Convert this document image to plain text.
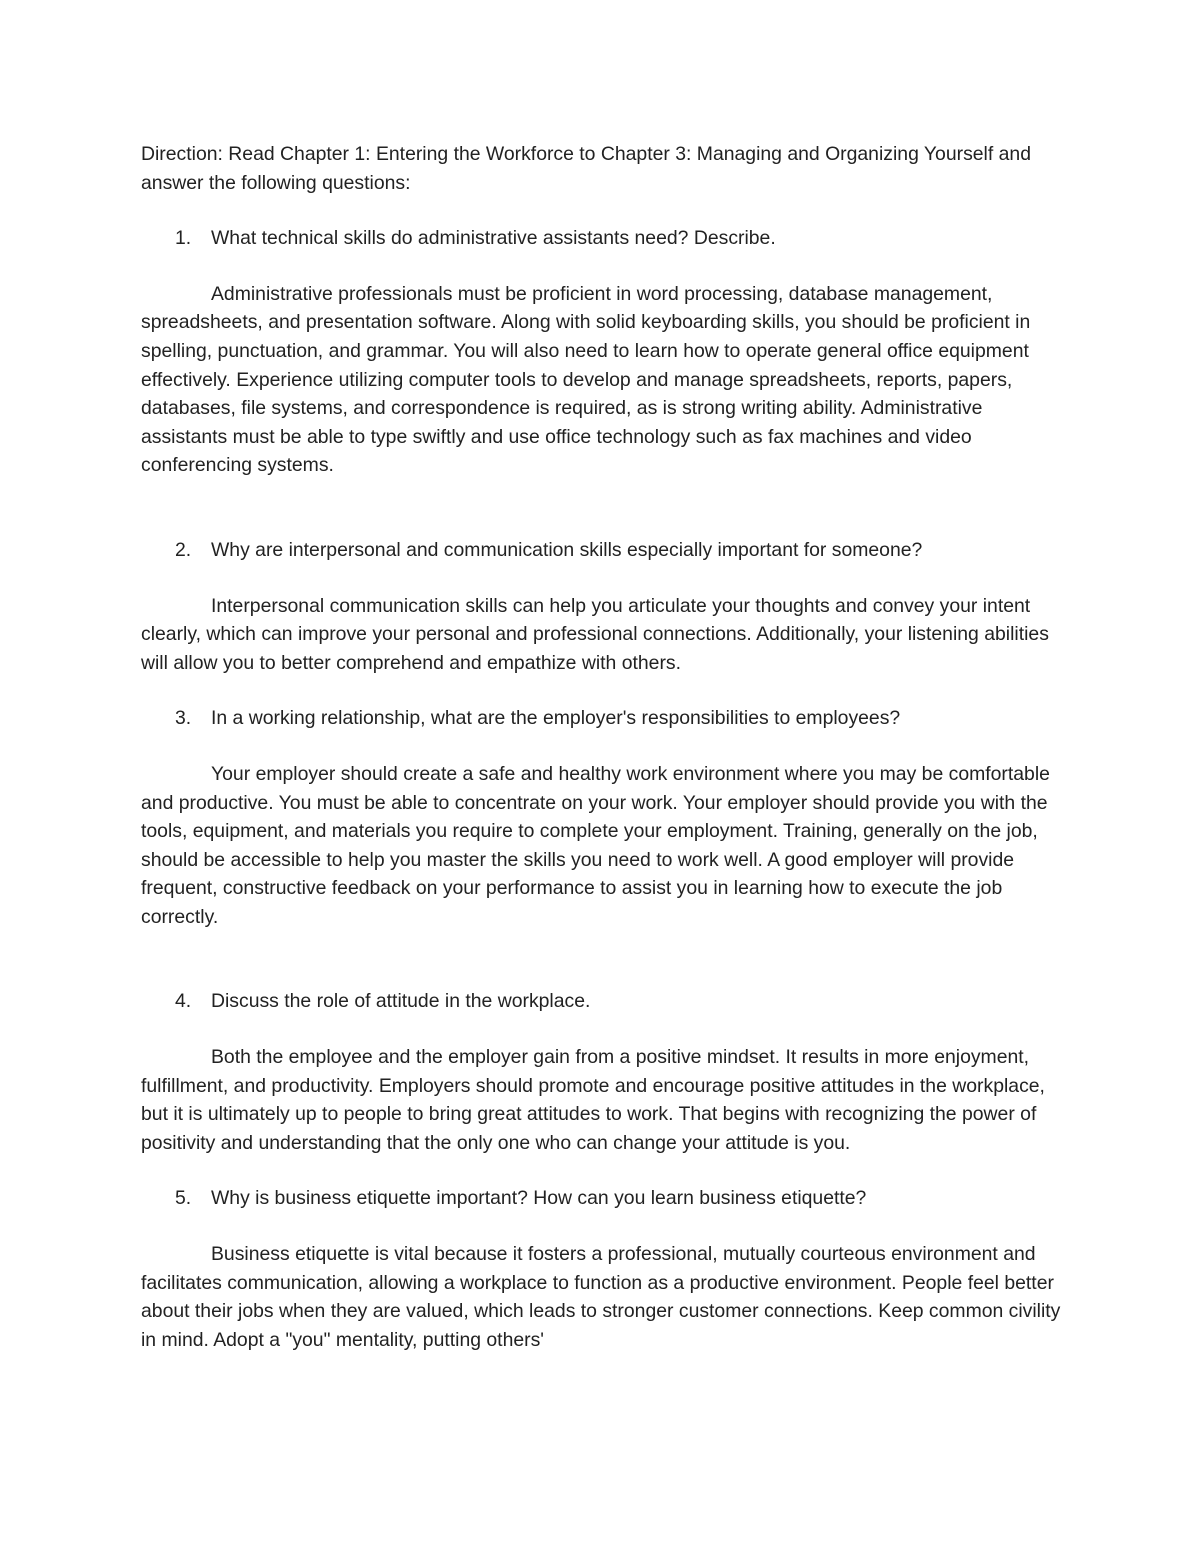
Direction: Read Chapter 1: Entering the Workforce to Chapter 3: Managing and Organizing Yourself and answer the following questions:

1. What technical skills do administrative assistants need? Describe.

Administrative professionals must be proficient in word processing, database management, spreadsheets, and presentation software. Along with solid keyboarding skills, you should be proficient in spelling, punctuation, and grammar. You will also need to learn how to operate general office equipment effectively. Experience utilizing computer tools to develop and manage spreadsheets, reports, papers, databases, file systems, and correspondence is required, as is strong writing ability. Administrative assistants must be able to type swiftly and use office technology such as fax machines and video conferencing systems.

2. Why are interpersonal and communication skills especially important for someone?

Interpersonal communication skills can help you articulate your thoughts and convey your intent clearly, which can improve your personal and professional connections. Additionally, your listening abilities will allow you to better comprehend and empathize with others.

3. In a working relationship, what are the employer's responsibilities to employees?

Your employer should create a safe and healthy work environment where you may be comfortable and productive. You must be able to concentrate on your work. Your employer should provide you with the tools, equipment, and materials you require to complete your employment. Training, generally on the job, should be accessible to help you master the skills you need to work well. A good employer will provide frequent, constructive feedback on your performance to assist you in learning how to execute the job correctly.

4. Discuss the role of attitude in the workplace.

Both the employee and the employer gain from a positive mindset. It results in more enjoyment, fulfillment, and productivity. Employers should promote and encourage positive attitudes in the workplace, but it is ultimately up to people to bring great attitudes to work. That begins with recognizing the power of positivity and understanding that the only one who can change your attitude is you.

5. Why is business etiquette important? How can you learn business etiquette?

Business etiquette is vital because it fosters a professional, mutually courteous environment and facilitates communication, allowing a workplace to function as a productive environment. People feel better about their jobs when they are valued, which leads to stronger customer connections. Keep common civility in mind. Adopt a "you" mentality, putting others'
